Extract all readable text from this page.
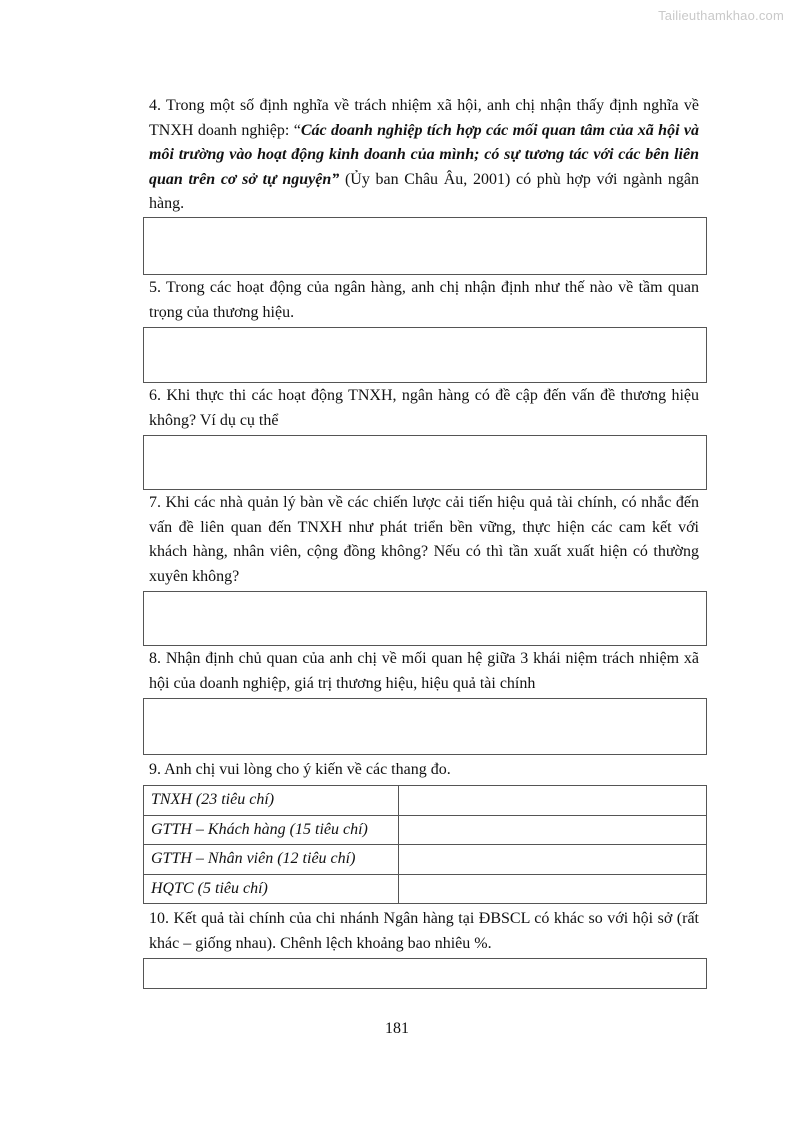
Tailieuthamkhao.com
4. Trong một số định nghĩa về trách nhiệm xã hội, anh chị nhận thấy định nghĩa về TNXH doanh nghiệp: “Các doanh nghiệp tích hợp các mối quan tâm của xã hội và môi trường vào hoạt động kinh doanh của mình; có sự tương tác với các bên liên quan trên cơ sở tự nguyện” (Ủy ban Châu Âu, 2001) có phù hợp với ngành ngân hàng.
5. Trong các hoạt động của ngân hàng, anh chị nhận định như thế nào về tầm quan trọng của thương hiệu.
6. Khi thực thi các hoạt động TNXH, ngân hàng có đề cập đến vấn đề thương hiệu không? Ví dụ cụ thể
7. Khi các nhà quản lý bàn về các chiến lược cải tiến hiệu quả tài chính, có nhắc đến vấn đề liên quan đến TNXH như phát triển bền vững, thực hiện các cam kết với khách hàng, nhân viên, cộng đồng không? Nếu có thì tần xuất xuất hiện có thường xuyên không?
8. Nhận định chủ quan của anh chị về mối quan hệ giữa 3 khái niệm trách nhiệm xã hội của doanh nghiệp, giá trị thương hiệu, hiệu quả tài chính
9. Anh chị vui lòng cho ý kiến về các thang đo.
TNXH (23 tiêu chí)	
GTTH – Khách hàng (15 tiêu chí)	
GTTH – Nhân viên (12 tiêu chí)	
HQTC (5 tiêu chí)	
10. Kết quả tài chính của chi nhánh Ngân hàng tại ĐBSCL có khác so với hội sở (rất khác – giống nhau). Chênh lệch khoảng bao nhiêu %.
181
